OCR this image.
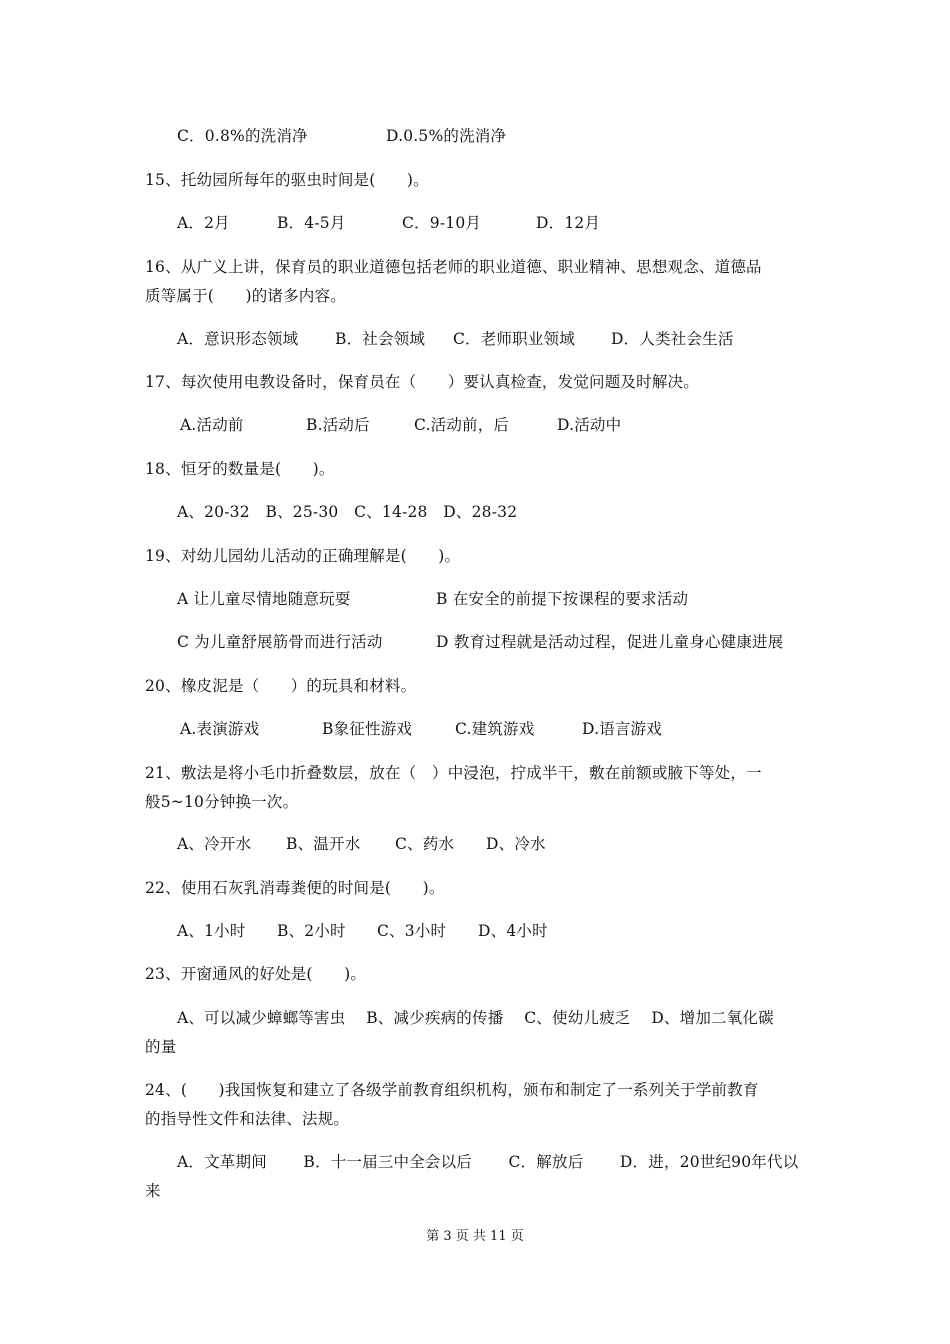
C．0.8%的洗消净	D.0.5%的洗消净
15、托幼园所每年的驱虫时间是(　　)。
A．2月	B．4-5月	C．9-10月	D．12月
16、从广义上讲，保育员的职业道德包括老师的职业道德、职业精神、思想观念、道德品
质等属于(　　)的诸多内容。
A．意识形态领域 B．社会领域 C．老师职业领域 D．人类社会生活
17、每次使用电教设备时，保育员在（　　）要认真检查，发觉问题及时解决。
A.活动前	B.活动后	C.活动前，后	D.活动中
18、恒牙的数量是(　　)。
A、20-32　B、25-30　C、14-28　D、28-32
19、对幼儿园幼儿活动的正确理解是(　　)。
A 让儿童尽情地随意玩耍	B 在安全的前提下按课程的要求活动
C 为儿童舒展筋骨而进行活动	D 教育过程就是活动过程，促进儿童身心健康进展
20、橡皮泥是（　　）的玩具和材料。
A.表演游戏	B象征性游戏	C.建筑游戏	D.语言游戏
21、敷法是将小毛巾折叠数层，放在（　）中浸泡，拧成半干，敷在前额或腋下等处，一
般5~10分钟换一次。
A、冷开水 B、温开水 C、药水 D、冷水
22、使用石灰乳消毒粪便的时间是(　　)。
A、1小时 B、2小时 C、3小时 D、4小时
23、开窗通风的好处是(　　)。
A、可以减少蟑螂等害虫　 B、减少疾病的传播　 C、使幼儿疲乏　 D、增加二氧化碳
的量
24、(　　)我国恢复和建立了各级学前教育组织机构，颁布和制定了一系列关于学前教育
的指导性文件和法律、法规。
A．文革期间　 　B．十一届三中全会以后　 　C．解放后　 　D．进，20世纪90年代以
来
第 3 页 共 11 页
